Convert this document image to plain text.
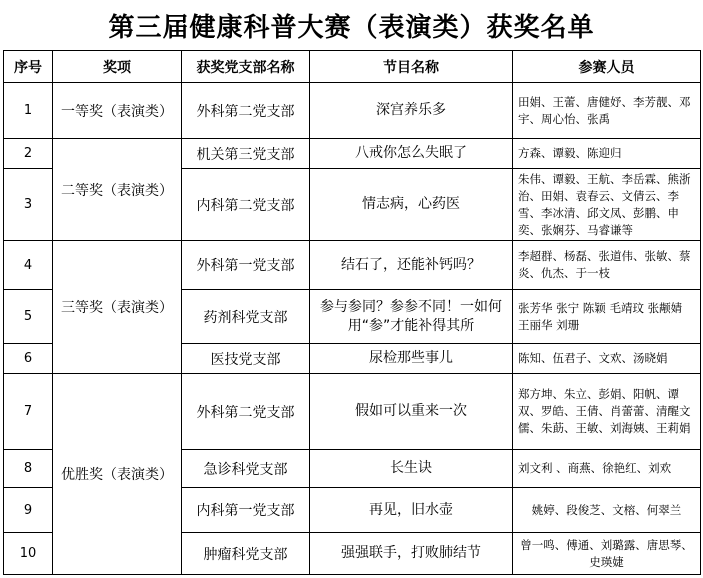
第三届健康科普大赛（表演类）获奖名单
序号	奖项	获奖党支部名称	节目名称	参赛人员
1	一等奖（表演类）	外科第二党支部	深宫养乐多	田娟、王蕾、唐健妤、李芳靓、邓宇、周心怡、张禹
2	二等奖（表演类）	机关第三党支部	八戒你怎么失眠了	方森、谭毅、陈迎归
3		内科第二党支部	情志病，心药医	朱伟、谭毅、王航、李岳霖、熊浙治、田娟、袁春云、文倩云、李雪、李冰清、邱文凤、彭鹏、申奕、张娴芬、马睿谦等
4	三等奖（表演类）	外科第一党支部	结石了，还能补钙吗？	李超群、杨磊、张道伟、张敏、蔡炎、仇杰、于一枝
5		药剂科党支部	参与参同？参参不同！一如何用“参”才能补得其所	张芳华 张宁 陈颖 毛靖玟 张颟婧 王丽华 刘珊
6		医技党支部	尿检那些事儿	陈知、伍君子、文欢、汤晓娟
7	优胜奖（表演类）	外科第二党支部	假如可以重来一次	郑方坤、朱立、彭娟、阳帆、谭双、罗皓、王倩、肖蕾蕾、清醒文儒、朱莇、王敏、刘海姨、王莉娟
8		急诊科党支部	长生诀	刘文利 、商燕、徐艳红、刘欢
9		内科第一党支部	再见，旧水壶	姚婷、段俊芝、文榕、何翠兰
10		肿瘤科党支部	强强联手，打败肺结节	曾一鸣、傅通、刘璐露、唐思琴、史瑛婕
